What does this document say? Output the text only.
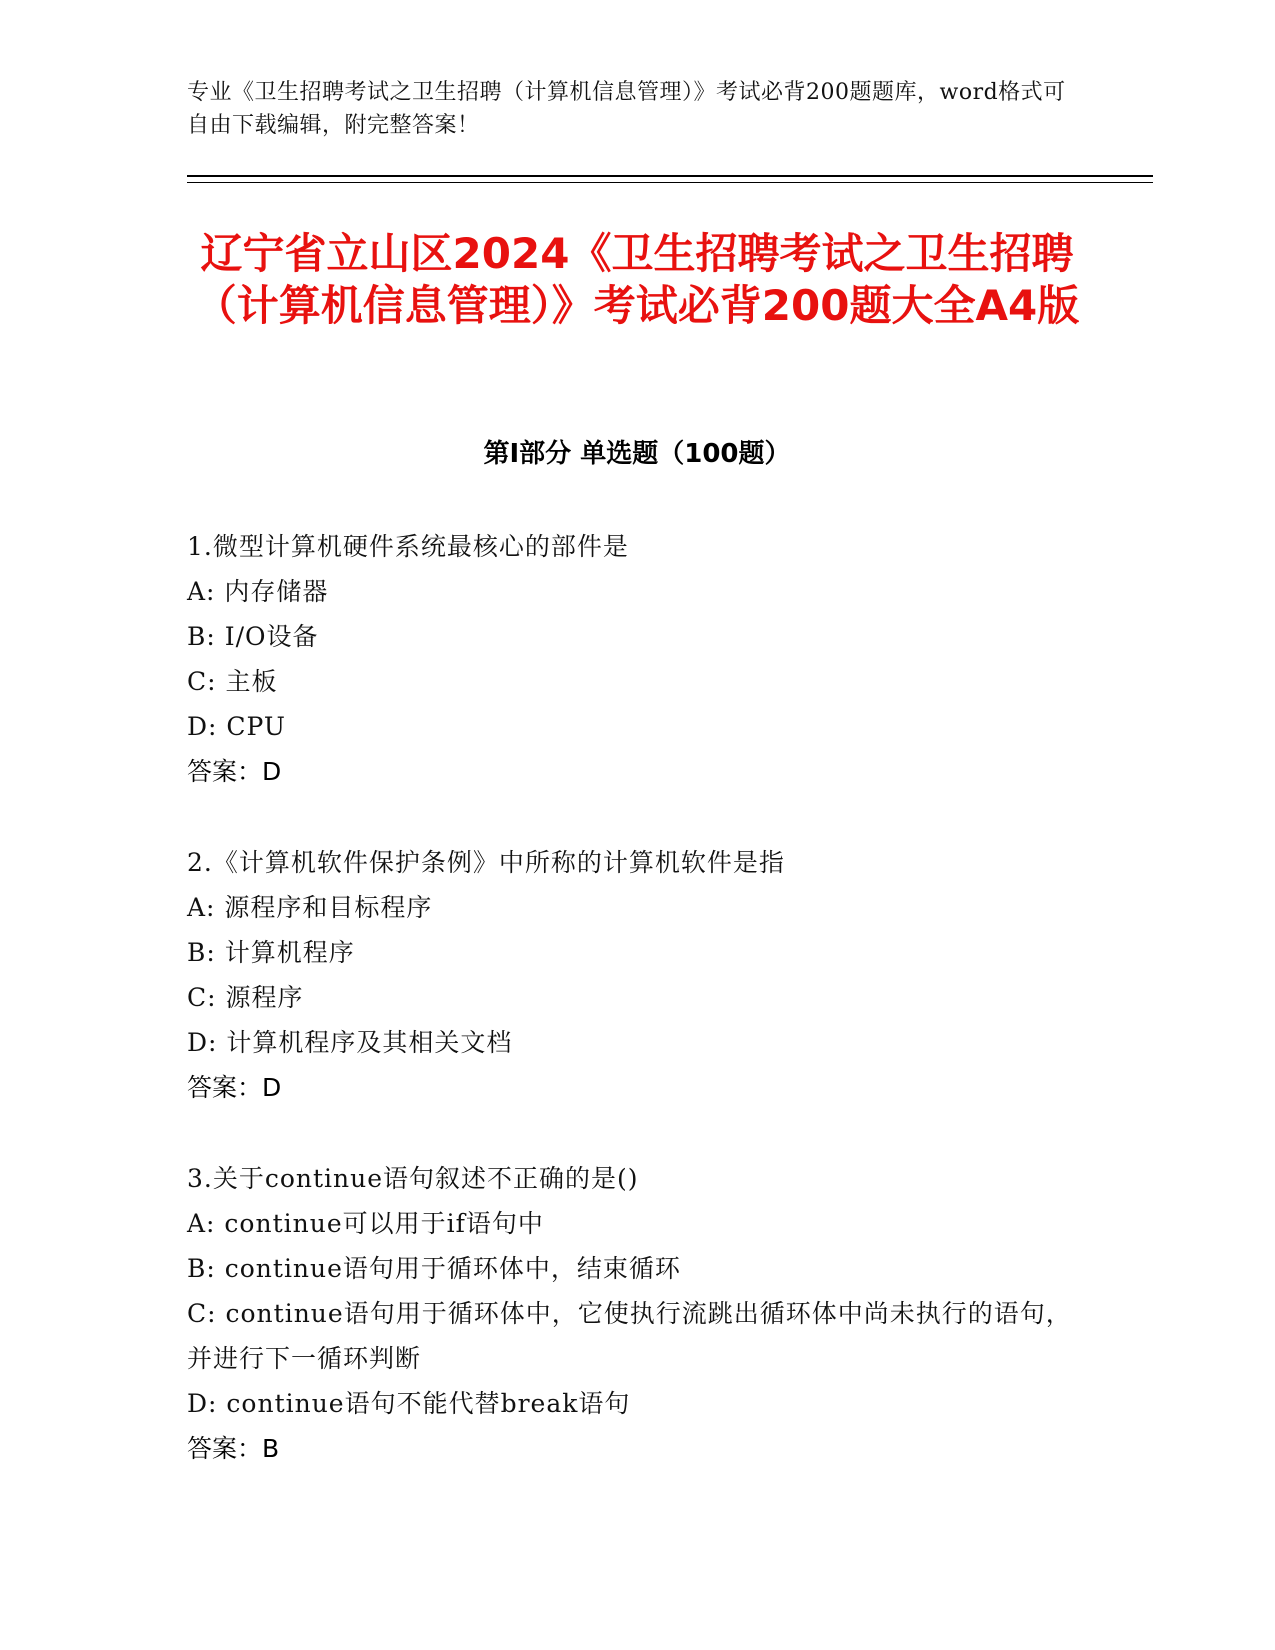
专业《卫生招聘考试之卫生招聘（计算机信息管理）》考试必背200题题库，word格式可自由下载编辑，附完整答案！
辽宁省立山区2024《卫生招聘考试之卫生招聘（计算机信息管理）》考试必背200题大全A4版
第I部分 单选题（100题）
1.微型计算机硬件系统最核心的部件是
A: 内存储器
B: I/O设备
C: 主板
D: CPU
答案：D
2.《计算机软件保护条例》中所称的计算机软件是指
A: 源程序和目标程序
B: 计算机程序
C: 源程序
D: 计算机程序及其相关文档
答案：D
3.关于continue语句叙述不正确的是()
A: continue可以用于if语句中
B: continue语句用于循环体中，结束循环
C: continue语句用于循环体中，它使执行流跳出循环体中尚未执行的语句，并进行下一循环判断
D: continue语句不能代替break语句
答案：B
